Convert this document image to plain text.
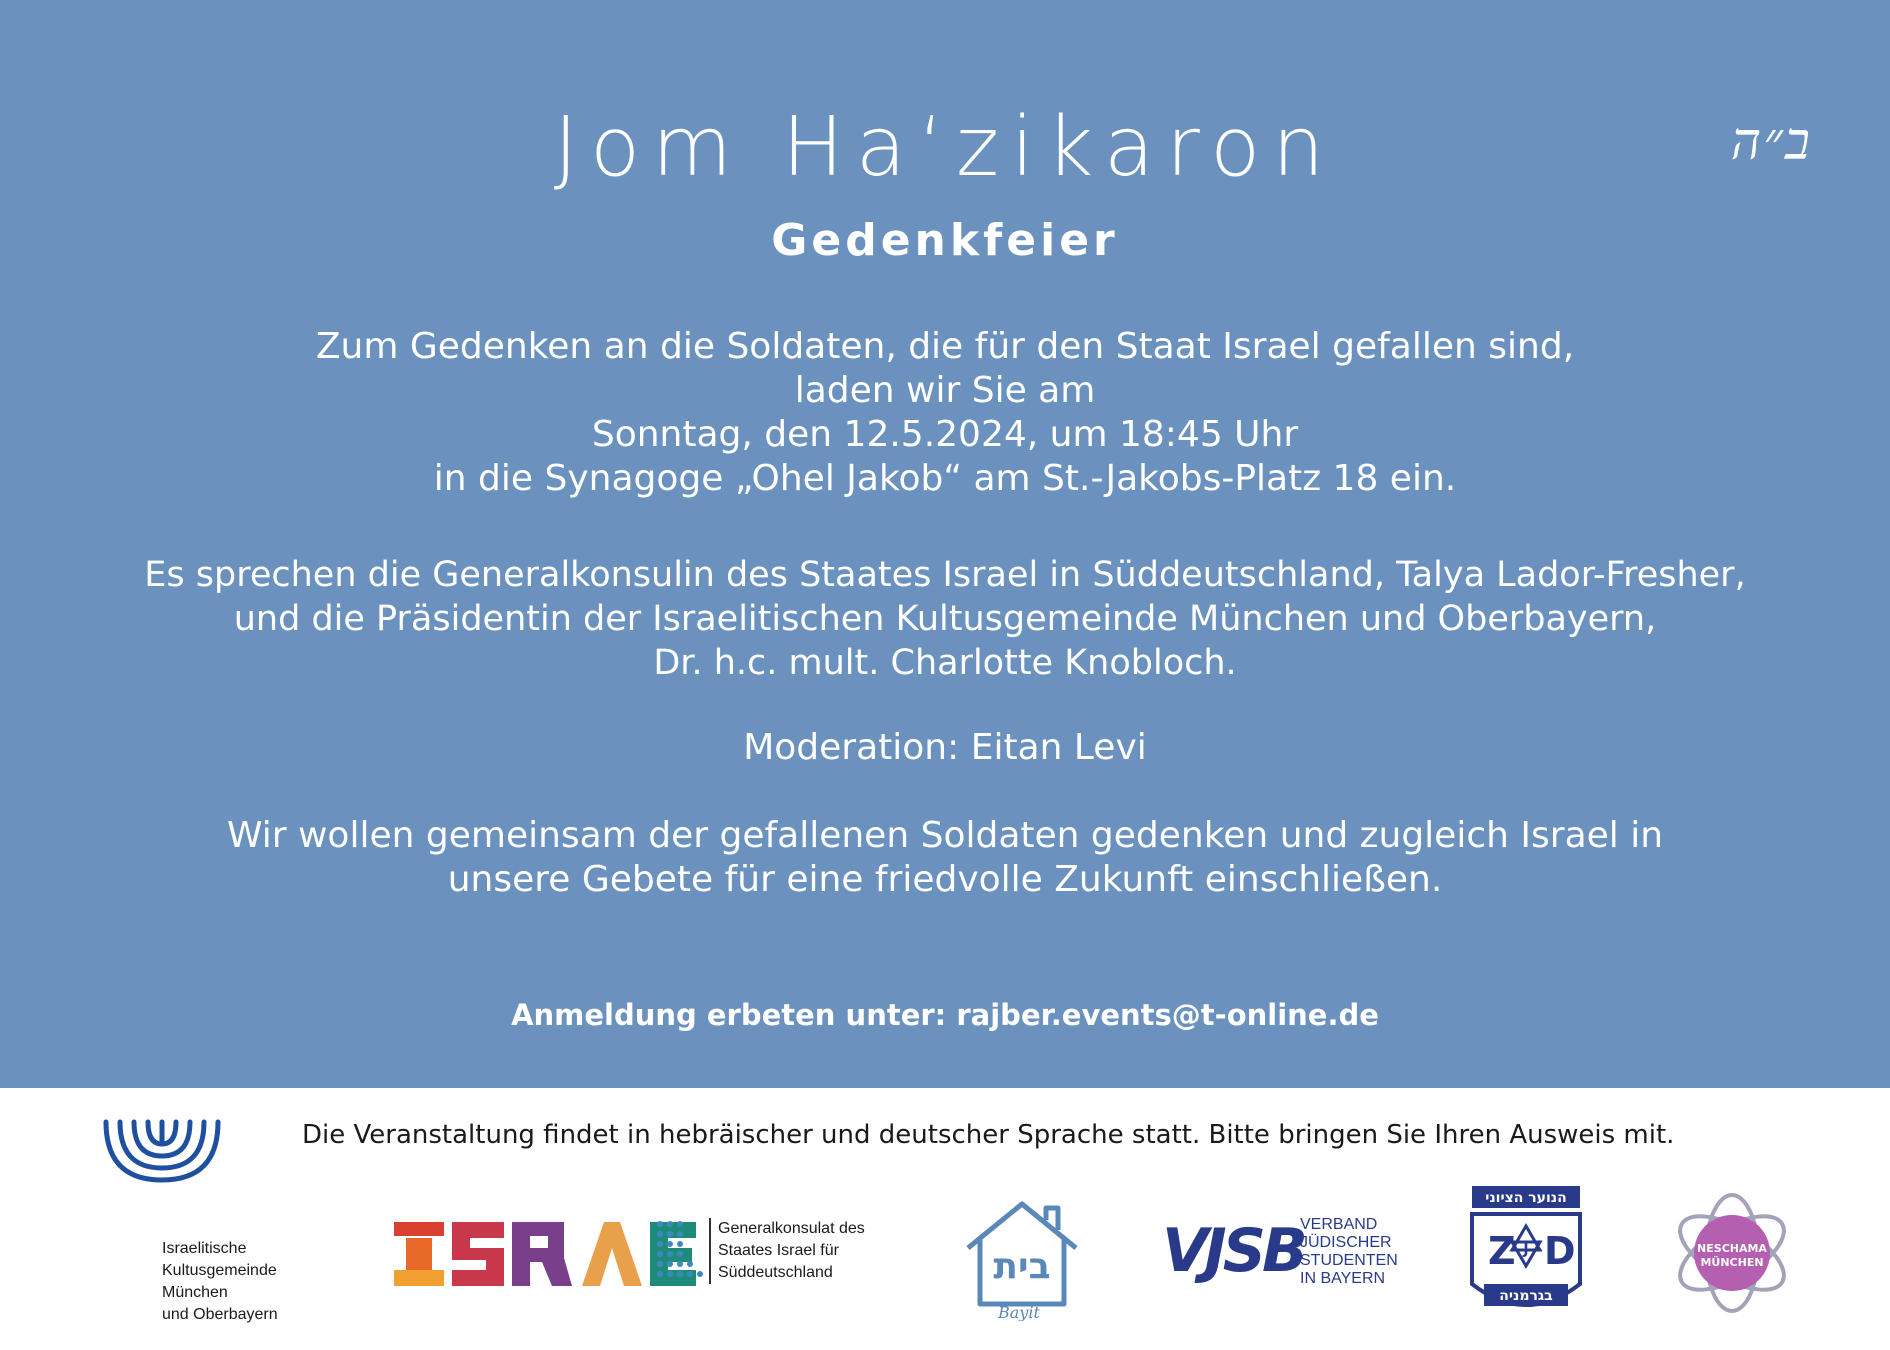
ב״ה
Jom Ha‘zikaron
Gedenkfeier
Zum Gedenken an die Soldaten, die für den Staat Israel gefallen sind,
laden wir Sie am
Sonntag, den 12.5.2024, um 18:45 Uhr
in die Synagoge „Ohel Jakob“ am St.-Jakobs-Platz 18 ein.
Es sprechen die Generalkonsulin des Staates Israel in Süddeutschland, Talya Lador-Fresher,
und die Präsidentin der Israelitischen Kultusgemeinde München und Oberbayern,
Dr. h.c. mult. Charlotte Knobloch.
Moderation: Eitan Levi
Wir wollen gemeinsam der gefallenen Soldaten gedenken und zugleich Israel in
unsere Gebete für eine friedvolle Zukunft einschließen.
Anmeldung erbeten unter: rajber.events@t-online.de
Die Veranstaltung findet in hebräischer und deutscher Sprache statt. Bitte bringen Sie Ihren Ausweis mit.
Israelitische
Kultusgemeinde
München
und Oberbayern
Generalkonsulat des
Staates Israel für
Süddeutschland	בית
Bayit
VJSB
VERBAND
JÜDISCHER
STUDENTEN
IN BAYERN
הנוער הציוני
Z D
J
בגרמניה
NESCHAMA
MÜNCHEN
